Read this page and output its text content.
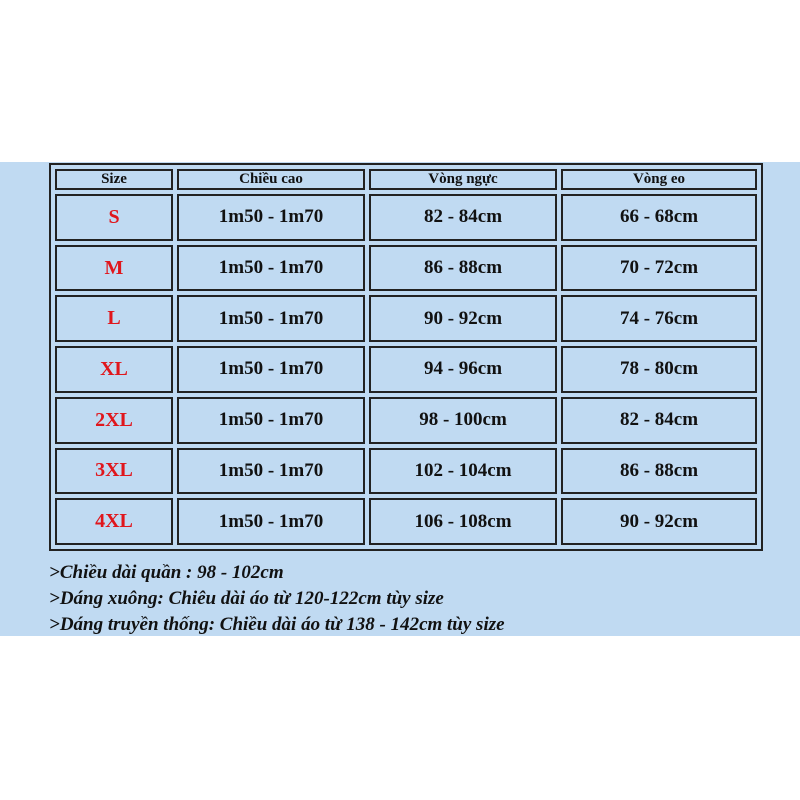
Size	Chiều cao	Vòng ngực	Vòng eo
S	1m50 - 1m70	82 - 84cm	66 - 68cm
M	1m50 - 1m70	86 - 88cm	70 - 72cm
L	1m50 - 1m70	90 - 92cm	74 - 76cm
XL	1m50 - 1m70	94 - 96cm	78 - 80cm
2XL	1m50 - 1m70	98 - 100cm	82 - 84cm
3XL	1m50 - 1m70	102 - 104cm	86 - 88cm
4XL	1m50 - 1m70	106 - 108cm	90 - 92cm
>Chiều dài quần : 98 - 102cm
>Dáng xuông: Chiêu dài áo từ 120-122cm tùy size
>Dáng truyền thống: Chiều dài áo từ 138 - 142cm tùy size
